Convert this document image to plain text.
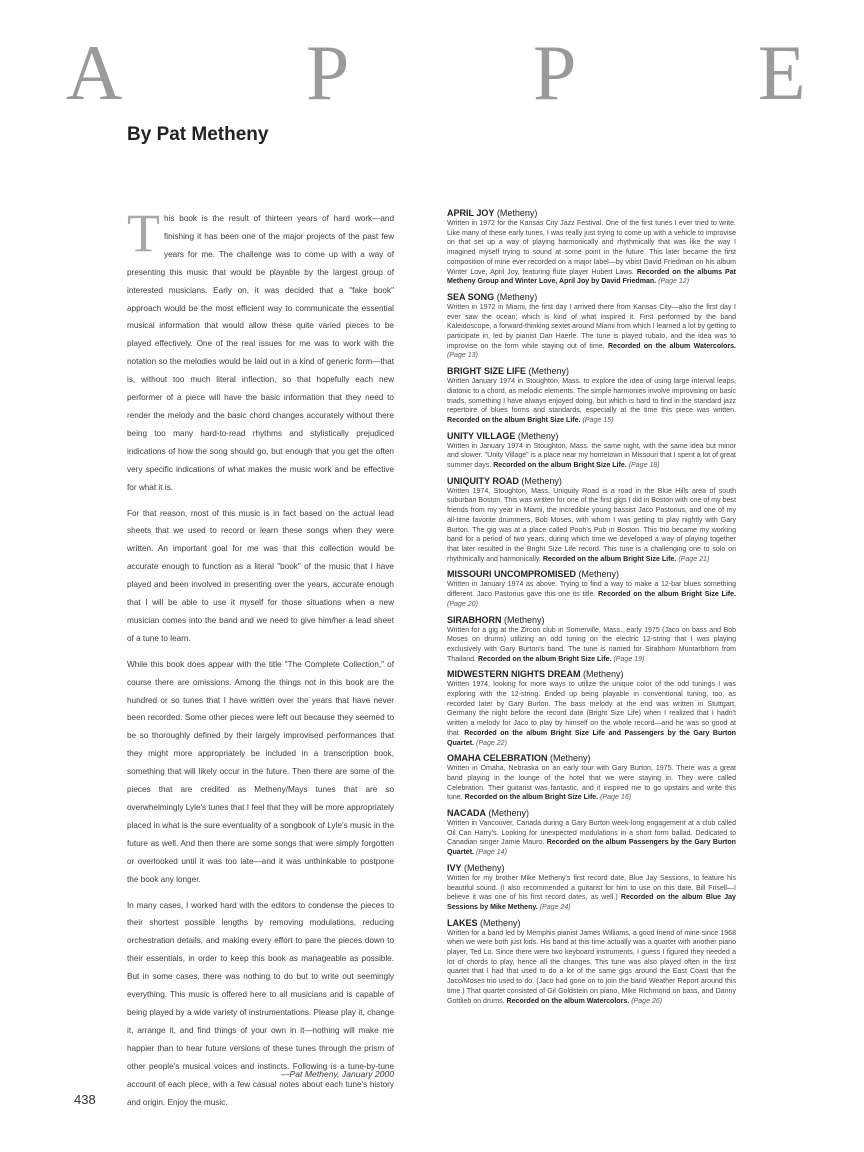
A P P E
By Pat Metheny

This book is the result of thirteen years of hard work—and finishing it has been one of the major projects of the past few years for me. The challenge was to come up with a way of presenting this music that would be playable by the largest group of interested musicians. Early on, it was decided that a "fake book" approach would be the most efficient way to communicate the essential musical information that would allow these quite varied pieces to be played effectively. One of the real issues for me was to work with the notation so the melodies would be laid out in a kind of generic form—that is, without too much literal inflection, so that hopefully each new performer of a piece will have the basic information that they need to render the melody and the basic chord changes accurately without there being too many hard-to-read rhythms and stylistically prejudiced indications of how the song should go, but enough that you get the often very specific indications of what makes the music work and be effective for what it is.

For that reason, most of this music is in fact based on the actual lead sheets that we used to record or learn these songs when they were written. An important goal for me was that this collection would be accurate enough to function as a literal "book" of the music that I have played and been involved in presenting over the years, accurate enough that I will be able to use it myself for those situations when a new musician comes into the band and we need to give him/her a lead sheet of a tune to learn.

While this book does appear with the title "The Complete Collection," of course there are omissions. Among the things not in this book are the hundred or so tunes that I have written over the years that have never been recorded. Some other pieces were left out because they seemed to be so thoroughly defined by their largely improvised performances that they might more appropriately be included in a transcription book, something that will likely occur in the future. Then there are some of the pieces that are credited as Metheny/Mays tunes that are so overwhelmingly Lyle's tunes that I feel that they will be more appropriately placed in what is the sure eventuality of a songbook of Lyle's music in the future as well. And then there are some songs that were simply forgotten or overlooked until it was too late—and it was unthinkable to postpone the book any longer.

In many cases, I worked hard with the editors to condense the pieces to their shortest possible lengths by removing modulations, reducing orchestration details, and making every effort to pare the pieces down to their essentials, in order to keep this book as manageable as possible. But in some cases, there was nothing to do but to write out seemingly everything. This music is offered here to all musicians and is capable of being played by a wide variety of instrumentations. Please play it, change it, arrange it, and find things of your own in it—nothing will make me happier than to hear future versions of these tunes through the prism of other people's musical voices and instincts. Following is a tune-by-tune account of each piece, with a few casual notes about each tune's history and origin. Enjoy the music.

—Pat Metheny, January 2000
438
APRIL JOY (Metheny)
Written in 1972 for the Kansas City Jazz Festival. One of the first tunes I ever tried to write. Like many of these early tunes, I was really just trying to come up with a vehicle to improvise on that set up a way of playing harmonically and rhythmically that was like the way I imagined myself trying to sound at some point in the future. This later became the first composition of mine ever recorded on a major label—by vibist David Friedman on his album Winter Love, April Joy, featuring flute player Hubert Laws. Recorded on the albums Pat Metheny Group and Winter Love, April Joy by David Friedman. (Page 12)
SEA SONG (Metheny)
Written in 1972 in Miami, the first day I arrived there from Kansas City—also the first day I ever saw the ocean; which is kind of what inspired it. First performed by the band Kaleidoscope, a forward-thinking sextet around Miami from which I learned a lot by getting to participate in, led by pianist Dan Haerle. The tune is played rubato, and the idea was to improvise on the form while staying out of time. Recorded on the album Watercolors. (Page 13)
BRIGHT SIZE LIFE (Metheny)
Written January 1974 in Stoughton, Mass. to explore the idea of using large interval leaps, diatonic to a chord, as melodic elements. The simple harmonies involve improvising on basic triads, something I have always enjoyed doing, but which is hard to find in the standard jazz repertoire of blues forms and standards, especially at the time this piece was written. Recorded on the album Bright Size Life. (Page 15)
UNITY VILLAGE (Metheny)
Written in January 1974 in Stoughton, Mass. the same night, with the same idea but minor and slower. "Unity Village" is a place near my hometown in Missouri that I spent a lot of great summer days. Recorded on the album Bright Size Life. (Page 18)
UNIQUITY ROAD (Metheny)
Written 1974, Stoughton, Mass. Uniquity Road is a road in the Blue Hills area of south suburban Boston. This was written for one of the first gigs I did in Boston with one of my best friends from my year in Miami, the incredible young bassist Jaco Pastorius, and one of my all-time favorite drummers, Bob Moses, with whom I was getting to play nightly with Gary Burton. The gig was at a place called Pooh's Pub in Boston. This trio became my working band for a period of two years, during which time we developed a way of playing together that later resulted in the Bright Size Life record. This tune is a challenging one to solo on rhythmically and harmonically. Recorded on the album Bright Size Life. (Page 21)
MISSOURI UNCOMPROMISED (Metheny)
Written in January 1974 as above. Trying to find a way to make a 12-bar blues something different. Jaco Pastorius gave this one its title. Recorded on the album Bright Size Life. (Page 20)
SIRABHORN (Metheny)
Written for a gig at the Zircon club in Somerville, Mass., early 1975 (Jaco on bass and Bob Moses on drums) utilizing an odd tuning on the electric 12-string that I was playing exclusively with Gary Burton's band. The tune is named for Sirabhorn Muntarbhorn from Thailand. Recorded on the album Bright Size Life. (Page 19)
MIDWESTERN NIGHTS DREAM (Metheny)
Written 1974, looking for more ways to utilize the unique color of the odd tunings I was exploring with the 12-string. Ended up being playable in conventional tuning, too, as recorded later by Gary Burton. The bass melody at the end was written in Stuttgart, Germany the night before the record date (Bright Size Life) when I realized that I hadn't written a melody for Jaco to play by himself on the whole record—and he was so good at that. Recorded on the album Bright Size Life and Passengers by the Gary Burton Quartet. (Page 22)
OMAHA CELEBRATION (Metheny)
Written in Omaha, Nebraska on an early tour with Gary Burton, 1975. There was a great band playing in the lounge of the hotel that we were staying in. They were called Celebration. Their guitarist was fantastic, and it inspired me to go upstairs and write this tune. Recorded on the album Bright Size Life. (Page 16)
NACADA (Metheny)
Written in Vancouver, Canada during a Gary Burton week-long engagement at a club called Oil Can Harry's. Looking for unexpected modulations in a short form ballad. Dedicated to Canadian singer Jamie Mauro. Recorded on the album Passengers by the Gary Burton Quartet. (Page 14)
IVY (Metheny)
Written for my brother Mike Metheny's first record date, Blue Jay Sessions, to feature his beautiful sound. (I also recommended a guitarist for him to use on this date, Bill Frisell—I believe it was one of his first record dates, as well.) Recorded on the album Blue Jay Sessions by Mike Metheny. (Page 24)
LAKES (Metheny)
Written for a band led by Memphis pianist James Williams, a good friend of mine since 1968 when we were both just kids. His band at this time actually was a quartet with another piano player, Ted Lo. Since there were two keyboard instruments, I guess I figured they needed a lot of chords to play, hence all the changes. This tune was also played often in the first quartet that I had that used to do a lot of the same gigs around the East Coast that the Jaco/Moses trio used to do. (Jaco had gone on to join the band Weather Report around this time.) That quartet consisted of Gil Goldstein on piano, Mike Richmond on bass, and Danny Gottlieb on drums. Recorded on the album Watercolors. (Page 26)
